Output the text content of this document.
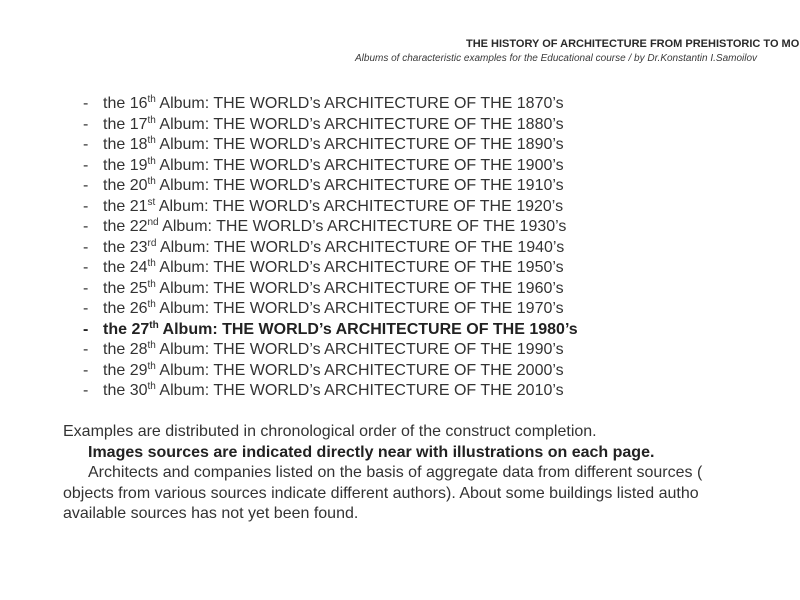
THE HISTORY OF ARCHITECTURE FROM PREHISTORIC TO MO
Albums of characteristic examples for the Educational course / by Dr.Konstantin I.Samoilov
- the 16th Album: THE WORLD’s ARCHITECTURE OF THE 1870’s
- the 17th Album: THE WORLD’s ARCHITECTURE OF THE 1880’s
- the 18th Album: THE WORLD’s ARCHITECTURE OF THE 1890’s
- the 19th Album: THE WORLD’s ARCHITECTURE OF THE 1900’s
- the 20th Album: THE WORLD’s ARCHITECTURE OF THE 1910’s
- the 21st Album: THE WORLD’s ARCHITECTURE OF THE 1920’s
- the 22nd Album: THE WORLD’s ARCHITECTURE OF THE 1930’s
- the 23rd Album: THE WORLD’s ARCHITECTURE OF THE 1940’s
- the 24th Album: THE WORLD’s ARCHITECTURE OF THE 1950’s
- the 25th Album: THE WORLD’s ARCHITECTURE OF THE 1960’s
- the 26th Album: THE WORLD’s ARCHITECTURE OF THE 1970’s
- the 27th Album: THE WORLD’s ARCHITECTURE OF THE 1980’s
- the 28th Album: THE WORLD’s ARCHITECTURE OF THE 1990’s
- the 29th Album: THE WORLD’s ARCHITECTURE OF THE 2000’s
- the 30th Album: THE WORLD’s ARCHITECTURE OF THE 2010’s

Examples are distributed in chronological order of the construct completion.

Images sources are indicated directly near with illustrations on each page.

Architects and companies listed on the basis of aggregate data from different sources (

objects from various sources indicate different authors). About some buildings listed autho

available sources has not yet been found.
